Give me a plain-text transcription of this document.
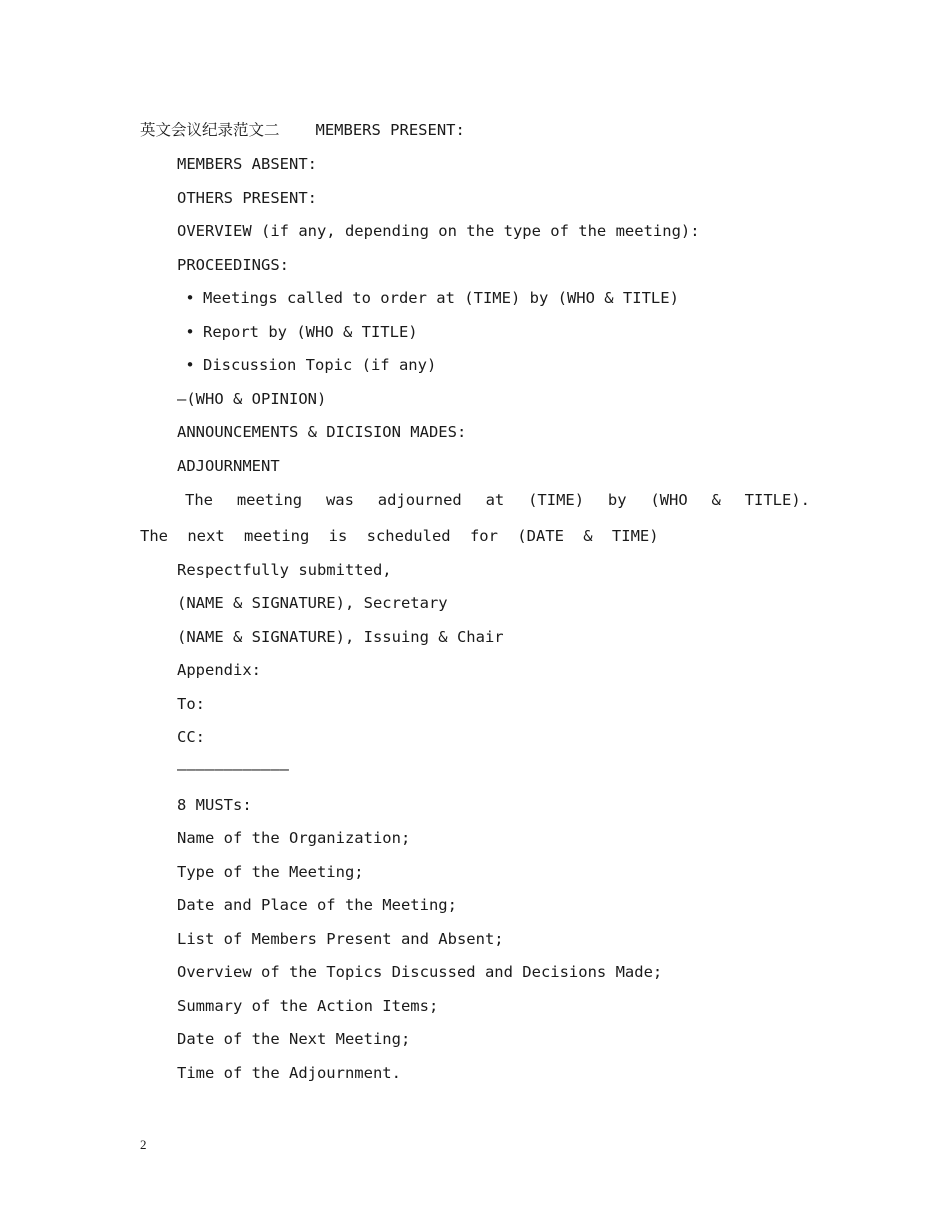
英文会议纪录范文二 MEMBERS PRESENT:
MEMBERS ABSENT:
OTHERS PRESENT:
OVERVIEW (if any, depending on the type of the meeting):
PROCEEDINGS:
• Meetings called to order at (TIME) by (WHO & TITLE)
• Report by (WHO & TITLE)
• Discussion Topic (if any)
—(WHO & OPINION)
ANNOUNCEMENTS & DICISION MADES:
ADJOURNMENT
The meeting was adjourned at (TIME) by (WHO & TITLE). The next meeting is scheduled for (DATE & TIME)
Respectfully submitted,
(NAME & SIGNATURE), Secretary
(NAME & SIGNATURE), Issuing & Chair
Appendix:
To:
CC:
————————————
8 MUSTs:
Name of the Organization;
Type of the Meeting;
Date and Place of the Meeting;
List of Members Present and Absent;
Overview of the Topics Discussed and Decisions Made;
Summary of the Action Items;
Date of the Next Meeting;
Time of the Adjournment.
2
